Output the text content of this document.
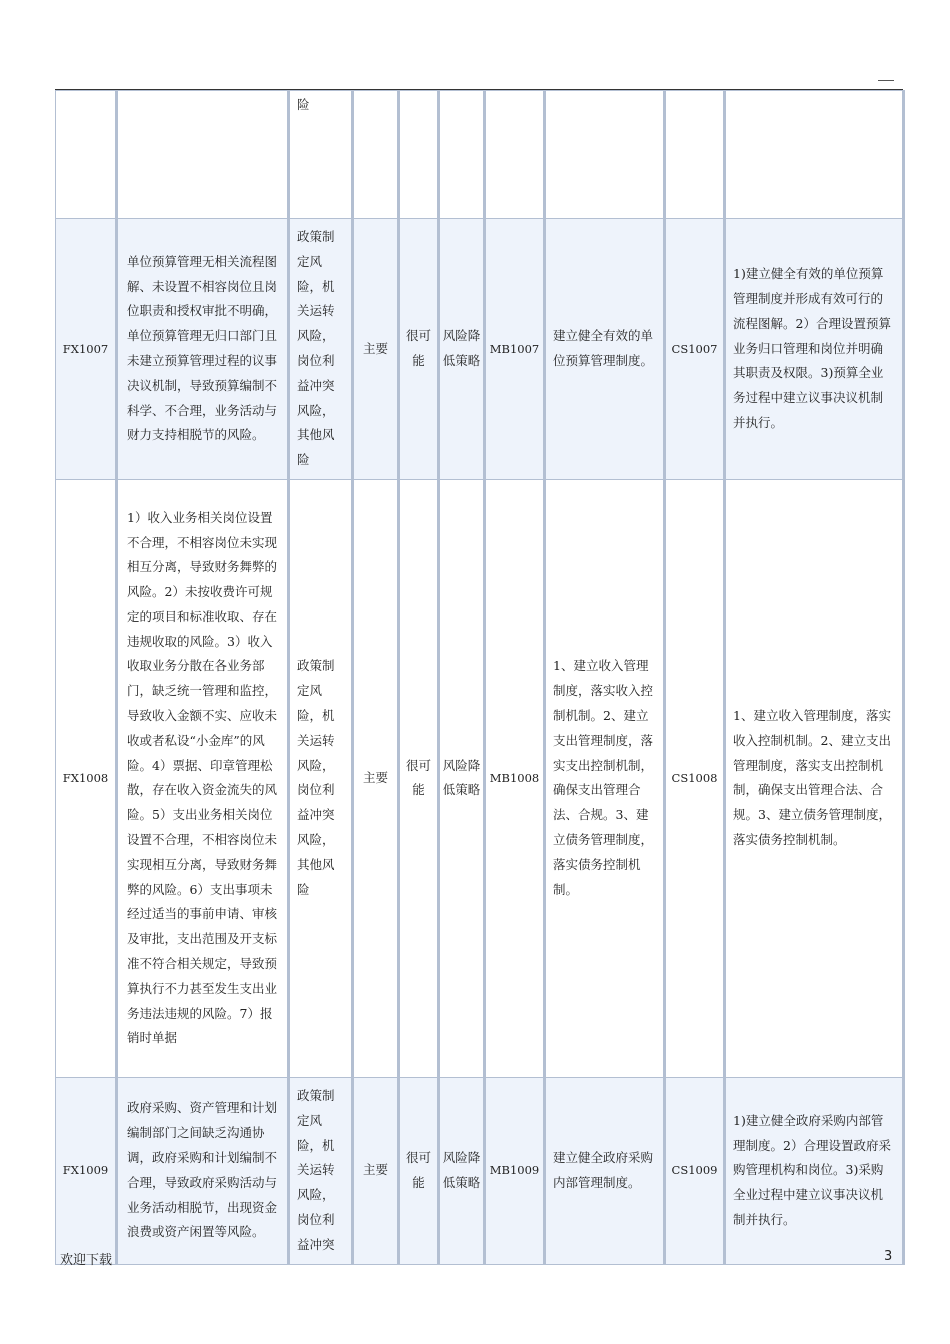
		险							
FX1007	单位预算管理无相关流程图解、未设置不相容岗位且岗位职责和授权审批不明确，单位预算管理无归口部门且未建立预算管理过程的议事决议机制，导致预算编制不科学、不合理，业务活动与财力支持相脱节的风险。	政策制定风险，机关运转风险，岗位利益冲突风险，其他风险	主要	很可能	风险降低策略	MB1007	建立健全有效的单位预算管理制度。	CS1007	1)建立健全有效的单位预算管理制度并形成有效可行的流程图解。2）合理设置预算业务归口管理和岗位并明确其职责及权限。3)预算全业务过程中建立议事决议机制并执行。
FX1008	1）收入业务相关岗位设置不合理，不相容岗位未实现相互分离，导致财务舞弊的风险。2）未按收费许可规定的项目和标准收取、存在违规收取的风险。3）收入收取业务分散在各业务部门，缺乏统一管理和监控，导致收入金额不实、应收未收或者私设“小金库”的风险。4）票据、印章管理松散，存在收入资金流失的风险。5）支出业务相关岗位设置不合理，不相容岗位未实现相互分离，导致财务舞弊的风险。6）支出事项未经过适当的事前申请、审核及审批，支出范围及开支标准不符合相关规定，导致预算执行不力甚至发生支出业务违法违规的风险。7）报销时单据	政策制定风险，机关运转风险，岗位利益冲突风险，其他风险	主要	很可能	风险降低策略	MB1008	1、建立收入管理制度，落实收入控制机制。2、建立支出管理制度，落实支出控制机制，确保支出管理合法、合规。3、建立债务管理制度，落实债务控制机制。	CS1008	1、建立收入管理制度，落实收入控制机制。2、建立支出管理制度，落实支出控制机制，确保支出管理合法、合规。3、建立债务管理制度，落实债务控制机制。
FX1009	政府采购、资产管理和计划编制部门之间缺乏沟通协调，政府采购和计划编制不合理，导致政府采购活动与业务活动相脱节，出现资金浪费或资产闲置等风险。	政策制定风险，机关运转风险，岗位利益冲突	主要	很可能	风险降低策略	MB1009	建立健全政府采购内部管理制度。	CS1009	1)建立健全政府采购内部管理制度。2）合理设置政府采购管理机构和岗位。3)采购全业过程中建立议事决议机制并执行。
欢迎下载	3
